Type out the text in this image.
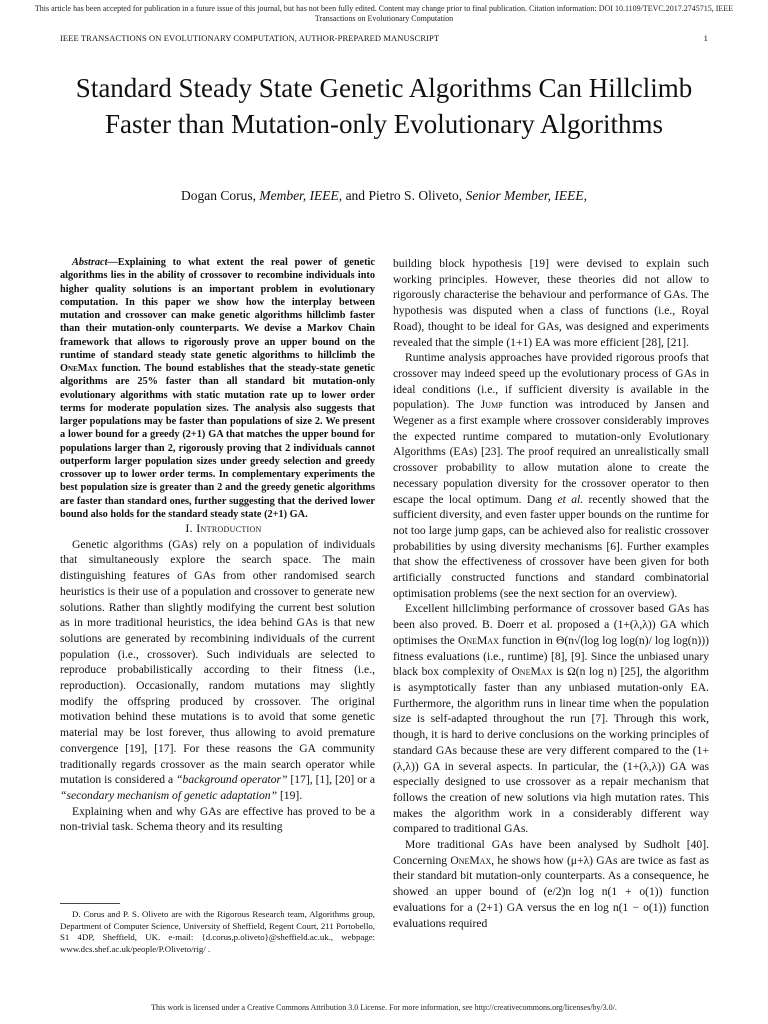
This article has been accepted for publication in a future issue of this journal, but has not been fully edited. Content may change prior to final publication. Citation information: DOI 10.1109/TEVC.2017.2745715, IEEE Transactions on Evolutionary Computation
IEEE TRANSACTIONS ON EVOLUTIONARY COMPUTATION, AUTHOR-PREPARED MANUSCRIPT	1
Standard Steady State Genetic Algorithms Can Hillclimb Faster than Mutation-only Evolutionary Algorithms
Dogan Corus, Member, IEEE, and Pietro S. Oliveto, Senior Member, IEEE,

Abstract—Explaining to what extent the real power of genetic algorithms lies in the ability of crossover to recombine individuals into higher quality solutions is an important problem in evolutionary computation. In this paper we show how the interplay between mutation and crossover can make genetic algorithms hillclimb faster than their mutation-only counterparts. We devise a Markov Chain framework that allows to rigorously prove an upper bound on the runtime of standard steady state genetic algorithms to hillclimb the OneMax function. The bound establishes that the steady-state genetic algorithms are 25% faster than all standard bit mutation-only evolutionary algorithms with static mutation rate up to lower order terms for moderate population sizes. The analysis also suggests that larger populations may be faster than populations of size 2. We present a lower bound for a greedy (2+1) GA that matches the upper bound for populations larger than 2, rigorously proving that 2 individuals cannot outperform larger population sizes under greedy selection and greedy crossover up to lower order terms. In complementary experiments the best population size is greater than 2 and the greedy genetic algorithms are faster than standard ones, further suggesting that the derived lower bound also holds for the standard steady state (2+1) GA.

I. Introduction

Genetic algorithms (GAs) rely on a population of individuals that simultaneously explore the search space. The main distinguishing features of GAs from other randomised search heuristics is their use of a population and crossover to generate new solutions. Rather than slightly modifying the current best solution as in more traditional heuristics, the idea behind GAs is that new solutions are generated by recombining individuals of the current population (i.e., crossover). Such individuals are selected to reproduce probabilistically according to their fitness (i.e., reproduction). Occasionally, random mutations may slightly modify the offspring produced by crossover. The original motivation behind these mutations is to avoid that some genetic material may be lost forever, thus allowing to avoid premature convergence [19], [17]. For these reasons the GA community traditionally regards crossover as the main search operator while mutation is considered a “background operator” [17], [1], [20] or a “secondary mechanism of genetic adaptation” [19].

Explaining when and why GAs are effective has proved to be a non-trivial task. Schema theory and its resulting

D. Corus and P. S. Oliveto are with the Rigorous Research team, Algorithms group, Department of Computer Science, University of Sheffield, Regent Court, 211 Portobello, S1 4DP, Sheffield, UK. e-mail: {d.corus,p.oliveto}@sheffield.ac.uk., webpage: www.dcs.shef.ac.uk/people/P.Oliveto/rig/ .

building block hypothesis [19] were devised to explain such working principles. However, these theories did not allow to rigorously characterise the behaviour and performance of GAs. The hypothesis was disputed when a class of functions (i.e., Royal Road), thought to be ideal for GAs, was designed and experiments revealed that the simple (1+1) EA was more efficient [28], [21].

Runtime analysis approaches have provided rigorous proofs that crossover may indeed speed up the evolutionary process of GAs in ideal conditions (i.e., if sufficient diversity is available in the population). The Jump function was introduced by Jansen and Wegener as a first example where crossover considerably improves the expected runtime compared to mutation-only Evolutionary Algorithms (EAs) [23]. The proof required an unrealistically small crossover probability to allow mutation alone to create the necessary population diversity for the crossover operator to then escape the local optimum. Dang et al. recently showed that the sufficient diversity, and even faster upper bounds on the runtime for not too large jump gaps, can be achieved also for realistic crossover probabilities by using diversity mechanisms [6]. Further examples that show the effectiveness of crossover have been given for both artificially constructed functions and standard combinatorial optimisation problems (see the next section for an overview).

Excellent hillclimbing performance of crossover based GAs has been also proved. B. Doerr et al. proposed a (1+(λ,λ)) GA which optimises the OneMax function in Θ(n√(log log log(n)/ log log(n))) fitness evaluations (i.e., runtime) [8], [9]. Since the unbiased unary black box complexity of OneMax is Ω(n log n) [25], the algorithm is asymptotically faster than any unbiased mutation-only EA. Furthermore, the algorithm runs in linear time when the population size is self-adapted throughout the run [7]. Through this work, though, it is hard to derive conclusions on the working principles of standard GAs because these are very different compared to the (1+(λ,λ)) GA in several aspects. In particular, the (1+(λ,λ)) GA was especially designed to use crossover as a repair mechanism that follows the creation of new solutions via high mutation rates. This makes the algorithm work in a considerably different way compared to traditional GAs.

More traditional GAs have been analysed by Sudholt [40]. Concerning OneMax, he shows how (μ+λ) GAs are twice as fast as their standard bit mutation-only counterparts. As a consequence, he showed an upper bound of (e/2)n log n(1 + o(1)) function evaluations for a (2+1) GA versus the en log n(1 − o(1)) function evaluations required

This work is licensed under a Creative Commons Attribution 3.0 License. For more information, see http://creativecommons.org/licenses/by/3.0/.
